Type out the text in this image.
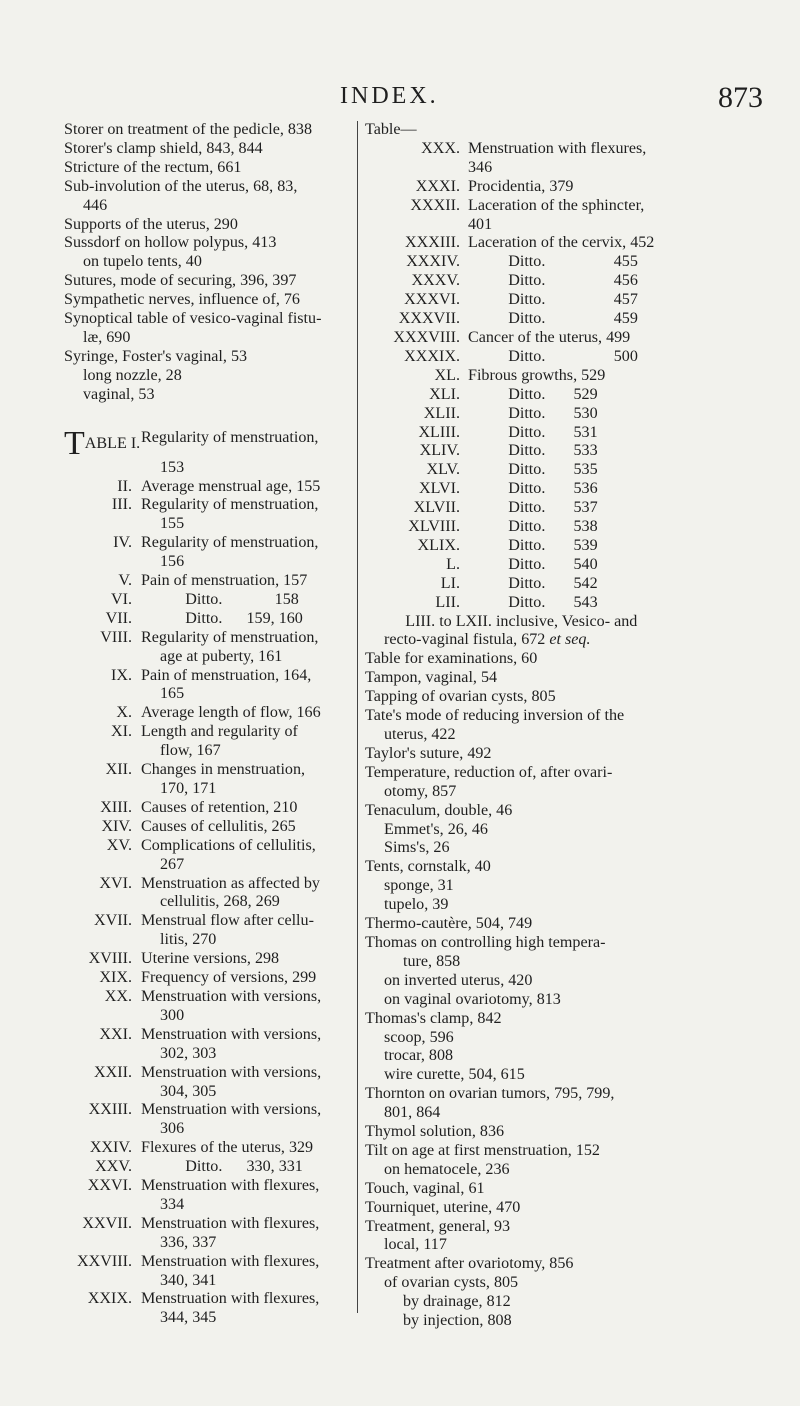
INDEX.	873
Storer on treatment of the pedicle, 838
Storer's clamp shield, 843, 844
Stricture of the rectum, 661
Sub-involution of the uterus, 68, 83,
446
Supports of the uterus, 290
Sussdorf on hollow polypus, 413
on tupelo tents, 40
Sutures, mode of securing, 396, 397
Sympathetic nerves, influence of, 76
Synoptical table of vesico-vaginal fistu-
læ, 690
Syringe, Foster's vaginal, 53
long nozzle, 28
vaginal, 53
TABLE I. Regularity of menstruation,
153
II. Average menstrual age, 155
III. Regularity of menstruation,
155
IV. Regularity of menstruation,
156
V. Pain of menstruation, 157
VI. Ditto.             158
VII. Ditto.      159, 160
VIII. Regularity of menstruation,
age at puberty, 161
IX. Pain of menstruation, 164,
165
X. Average length of flow, 166
XI. Length and regularity of
flow, 167
XII. Changes in menstruation,
170, 171
XIII. Causes of retention, 210
XIV. Causes of cellulitis, 265
XV. Complications of cellulitis,
267
XVI. Menstruation as affected by
cellulitis, 268, 269
XVII. Menstrual flow after cellu-
litis, 270
XVIII. Uterine versions, 298
XIX. Frequency of versions, 299
XX. Menstruation with versions,
300
XXI. Menstruation with versions,
302, 303
XXII. Menstruation with versions,
304, 305
XXIII. Menstruation with versions,
306
XXIV. Flexures of the uterus, 329
XXV. Ditto.      330, 331
XXVI. Menstruation with flexures,
334
XXVII. Menstruation with flexures,
336, 337
XXVIII. Menstruation with flexures,
340, 341
XXIX. Menstruation with flexures,
344, 345
Table—
XXX. Menstruation with flexures,
346
XXXI. Procidentia, 379
XXXII. Laceration of the sphincter,
401
XXXIII. Laceration of the cervix, 452
XXXIV. Ditto.                 455
XXXV. Ditto.                 456
XXXVI. Ditto.                 457
XXXVII. Ditto.                 459
XXXVIII. Cancer of the uterus, 499
XXXIX. Ditto.                 500
XL. Fibrous growths, 529
XLI. Ditto.       529
XLII. Ditto.       530
XLIII. Ditto.       531
XLIV. Ditto.       533
XLV. Ditto.       535
XLVI. Ditto.       536
XLVII. Ditto.       537
XLVIII. Ditto.       538
XLIX. Ditto.       539
L. Ditto.       540
LI. Ditto.       542
LII. Ditto.       543
LIII. to LXII. inclusive, Vesico- and
recto-vaginal fistula, 672 et seq.
Table for examinations, 60
Tampon, vaginal, 54
Tapping of ovarian cysts, 805
Tate's mode of reducing inversion of the
uterus, 422
Taylor's suture, 492
Temperature, reduction of, after ovari-
otomy, 857
Tenaculum, double, 46
Emmet's, 26, 46
Sims's, 26
Tents, cornstalk, 40
sponge, 31
tupelo, 39
Thermo-cautère, 504, 749
Thomas on controlling high tempera-
ture, 858
on inverted uterus, 420
on vaginal ovariotomy, 813
Thomas's clamp, 842
scoop, 596
trocar, 808
wire curette, 504, 615
Thornton on ovarian tumors, 795, 799,
801, 864
Thymol solution, 836
Tilt on age at first menstruation, 152
on hematocele, 236
Touch, vaginal, 61
Tourniquet, uterine, 470
Treatment, general, 93
local, 117
Treatment after ovariotomy, 856
of ovarian cysts, 805
by drainage, 812
by injection, 808
